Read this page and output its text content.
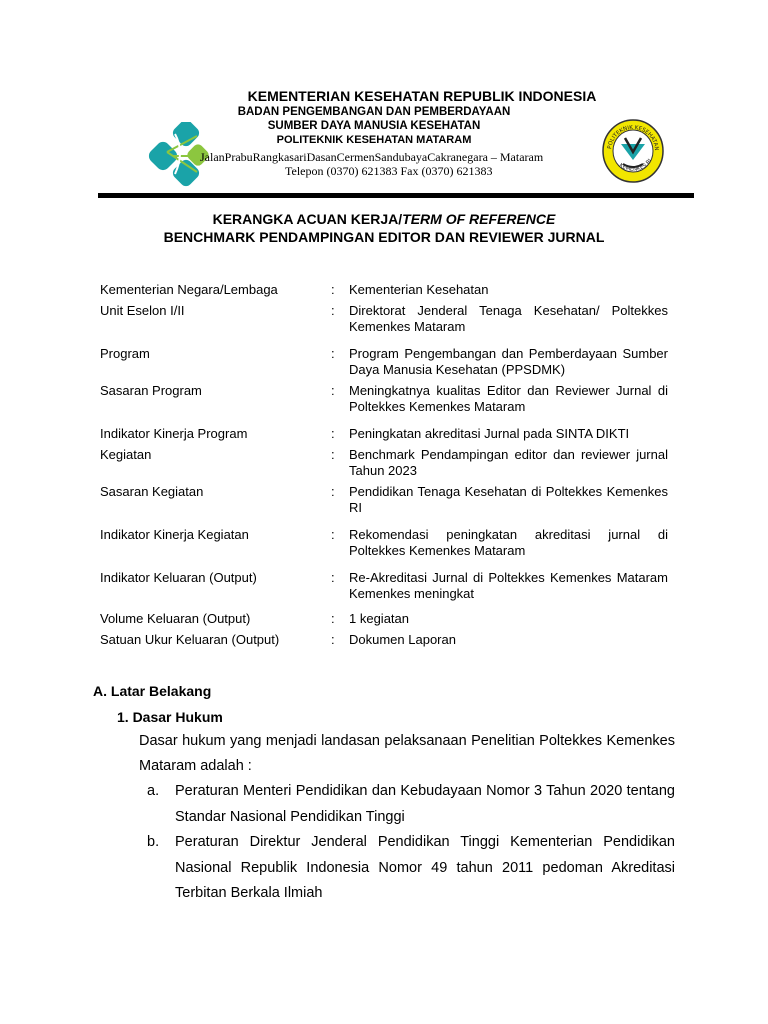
KEMENTERIAN KESEHATAN REPUBLIK INDONESIA
BADAN PENGEMBANGAN DAN PEMBERDAYAAN
SUMBER DAYA MANUSIA KESEHATAN
POLITEKNIK KESEHATAN MATARAM
JalanPrabuRangkasariDasanCermenSandubayaCakranegara – Mataram
Telepon (0370) 621383 Fax (0370) 621383
POLITEKNIK KESEHATAN
KEMENKES RI
KERANGKA ACUAN KERJA/TERM OF REFERENCE
BENCHMARK PENDAMPINGAN EDITOR DAN REVIEWER JURNAL
Kementerian Negara/Lembaga	: Kementerian Kesehatan
Unit Eselon I/II	: Direktorat Jenderal Tenaga Kesehatan/ Poltekkes Kemenkes Mataram
Program	: Program Pengembangan dan Pemberdayaan Sumber Daya Manusia Kesehatan (PPSDMK)
Sasaran Program	: Meningkatnya kualitas Editor dan Reviewer Jurnal di Poltekkes Kemenkes Mataram
Indikator Kinerja Program	: Peningkatan akreditasi Jurnal pada SINTA DIKTI
Kegiatan	: Benchmark Pendampingan editor dan reviewer jurnal Tahun 2023
Sasaran Kegiatan	: Pendidikan Tenaga Kesehatan di Poltekkes Kemenkes RI
Indikator Kinerja Kegiatan	: Rekomendasi peningkatan akreditasi jurnal di Poltekkes Kemenkes Mataram
Indikator Keluaran (Output)	: Re-Akreditasi Jurnal di Poltekkes Kemenkes Mataram Kemenkes meningkat
Volume Keluaran (Output)	: 1 kegiatan
Satuan Ukur Keluaran (Output)	: Dokumen Laporan
A. Latar Belakang
1. Dasar Hukum
Dasar hukum yang menjadi landasan pelaksanaan Penelitian Poltekkes Kemenkes Mataram adalah :
a. Peraturan Menteri Pendidikan dan Kebudayaan Nomor 3 Tahun 2020 tentang Standar Nasional Pendidikan Tinggi
b. Peraturan Direktur Jenderal Pendidikan Tinggi Kementerian Pendidikan Nasional Republik Indonesia Nomor 49 tahun 2011 pedoman Akreditasi Terbitan Berkala Ilmiah
